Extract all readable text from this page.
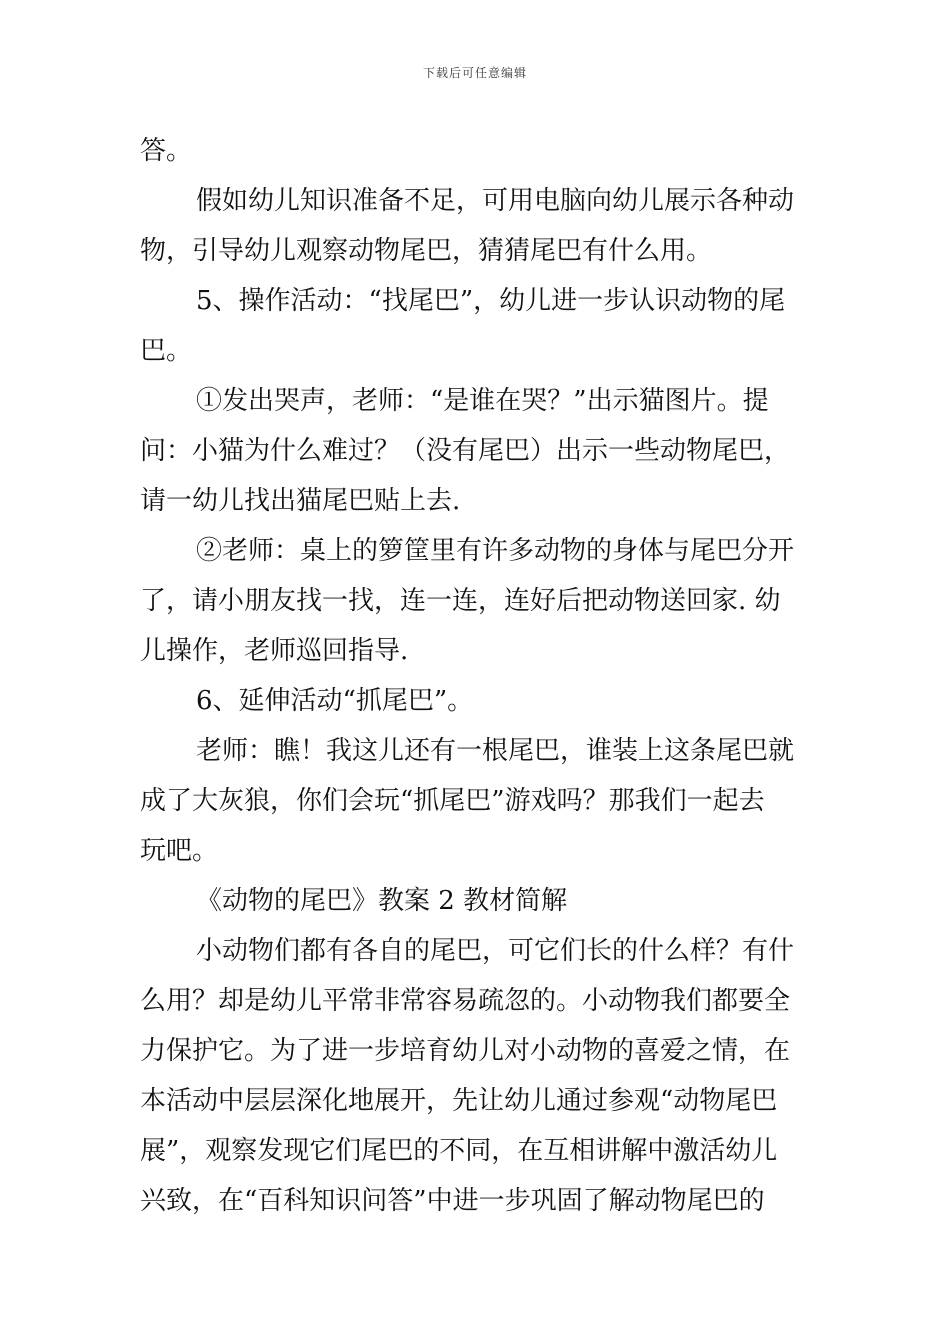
下载后可任意编辑
答。
假如幼儿知识准备不足，可用电脑向幼儿展示各种动
物，引导幼儿观察动物尾巴，猜猜尾巴有什么用。
5、操作活动：“找尾巴”，幼儿进一步认识动物的尾
巴。
①发出哭声，老师：“是谁在哭？”出示猫图片。提
问：小猫为什么难过？（没有尾巴）出示一些动物尾巴，
请一幼儿找出猫尾巴贴上去.
②老师：桌上的箩筐里有许多动物的身体与尾巴分开
了，请小朋友找一找，连一连，连好后把动物送回家. 幼
儿操作，老师巡回指导.
6、延伸活动“抓尾巴”。
老师：瞧！我这儿还有一根尾巴，谁装上这条尾巴就
成了大灰狼，你们会玩“抓尾巴”游戏吗？那我们一起去
玩吧。
《动物的尾巴》教案 2 教材简解
小动物们都有各自的尾巴，可它们长的什么样？有什
么用？却是幼儿平常非常容易疏忽的。小动物我们都要全
力保护它。为了进一步培育幼儿对小动物的喜爱之情，在
本活动中层层深化地展开，先让幼儿通过参观“动物尾巴
展”，观察发现它们尾巴的不同，在互相讲解中激活幼儿
兴致，在“百科知识问答”中进一步巩固了解动物尾巴的
